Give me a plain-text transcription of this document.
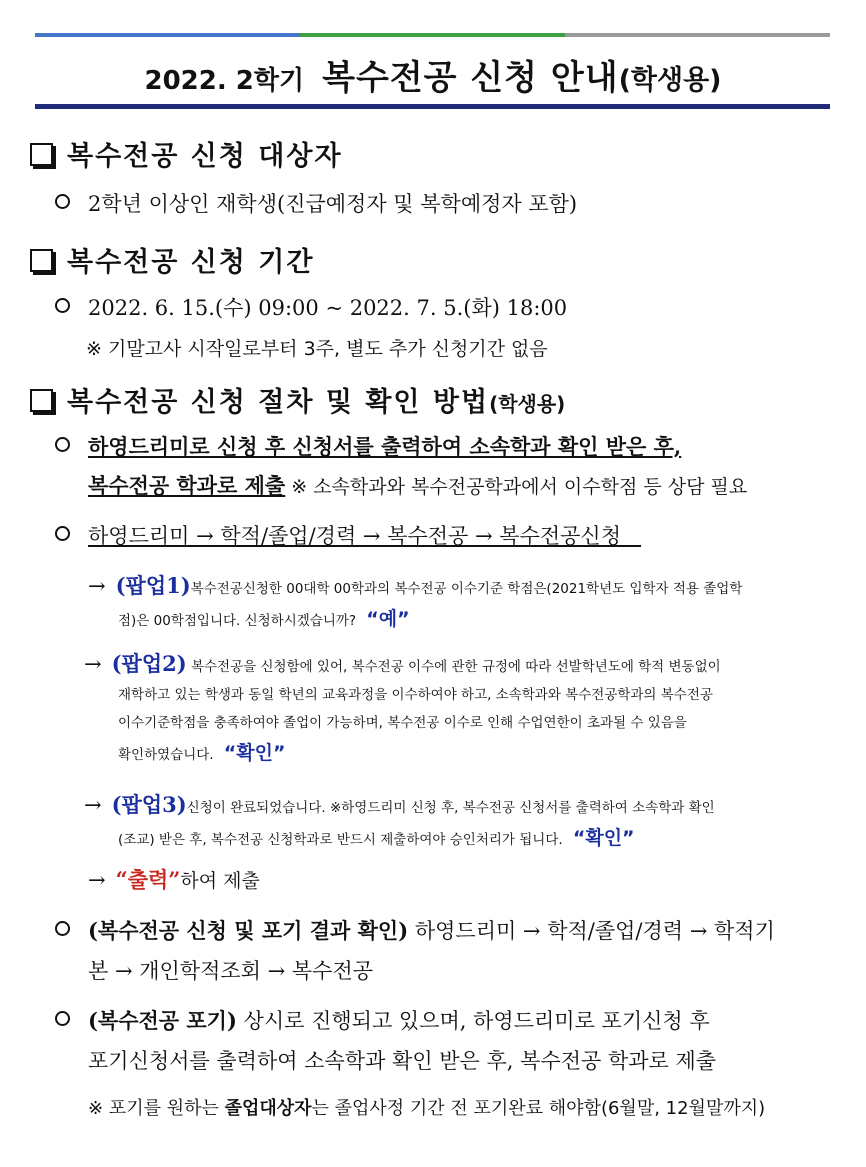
2022. 2학기 복수전공 신청 안내(학생용)
복수전공 신청 대상자
2학년 이상인 재학생(진급예정자 및 복학예정자 포함)
복수전공 신청 기간
2022. 6. 15.(수) 09:00 ~ 2022. 7. 5.(화) 18:00
※ 기말고사 시작일로부터 3주, 별도 추가 신청기간 없음
복수전공 신청 절차 및 확인 방법(학생용)
하영드리미로 신청 후 신청서를 출력하여 소속학과 확인 받은 후,
복수전공 학과로 제출 ※ 소속학과와 복수전공학과에서 이수학점 등 상담 필요
하영드리미 → 학적/졸업/경력 → 복수전공 → 복수전공신청
→ (팝업1)복수전공신청한 00대학 00학과의 복수전공 이수기준 학점은(2021학년도 입학자 적용 졸업학
점)은 00학점입니다. 신청하시겠습니까? “예”
→ (팝업2) 복수전공을 신청함에 있어, 복수전공 이수에 관한 규정에 따라 선발학년도에 학적 변동없이
재학하고 있는 학생과 동일 학년의 교육과정을 이수하여야 하고, 소속학과와 복수전공학과의 복수전공
이수기준학점을 충족하여야 졸업이 가능하며, 복수전공 이수로 인해 수업연한이 초과될 수 있음을
확인하였습니다. “확인”
→ (팝업3)신청이 완료되었습니다. ※하영드리미 신청 후, 복수전공 신청서를 출력하여 소속학과 확인
(조교) 받은 후, 복수전공 신청학과로 반드시 제출하여야 승인처리가 됩니다. “확인”
→ “출력”하여 제출
(복수전공 신청 및 포기 결과 확인) 하영드리미 → 학적/졸업/경력 → 학적기
본 → 개인학적조회 → 복수전공
(복수전공 포기) 상시로 진행되고 있으며, 하영드리미로 포기신청 후
포기신청서를 출력하여 소속학과 확인 받은 후, 복수전공 학과로 제출
※ 포기를 원하는 졸업대상자는 졸업사정 기간 전 포기완료 해야함(6월말, 12월말까지)
